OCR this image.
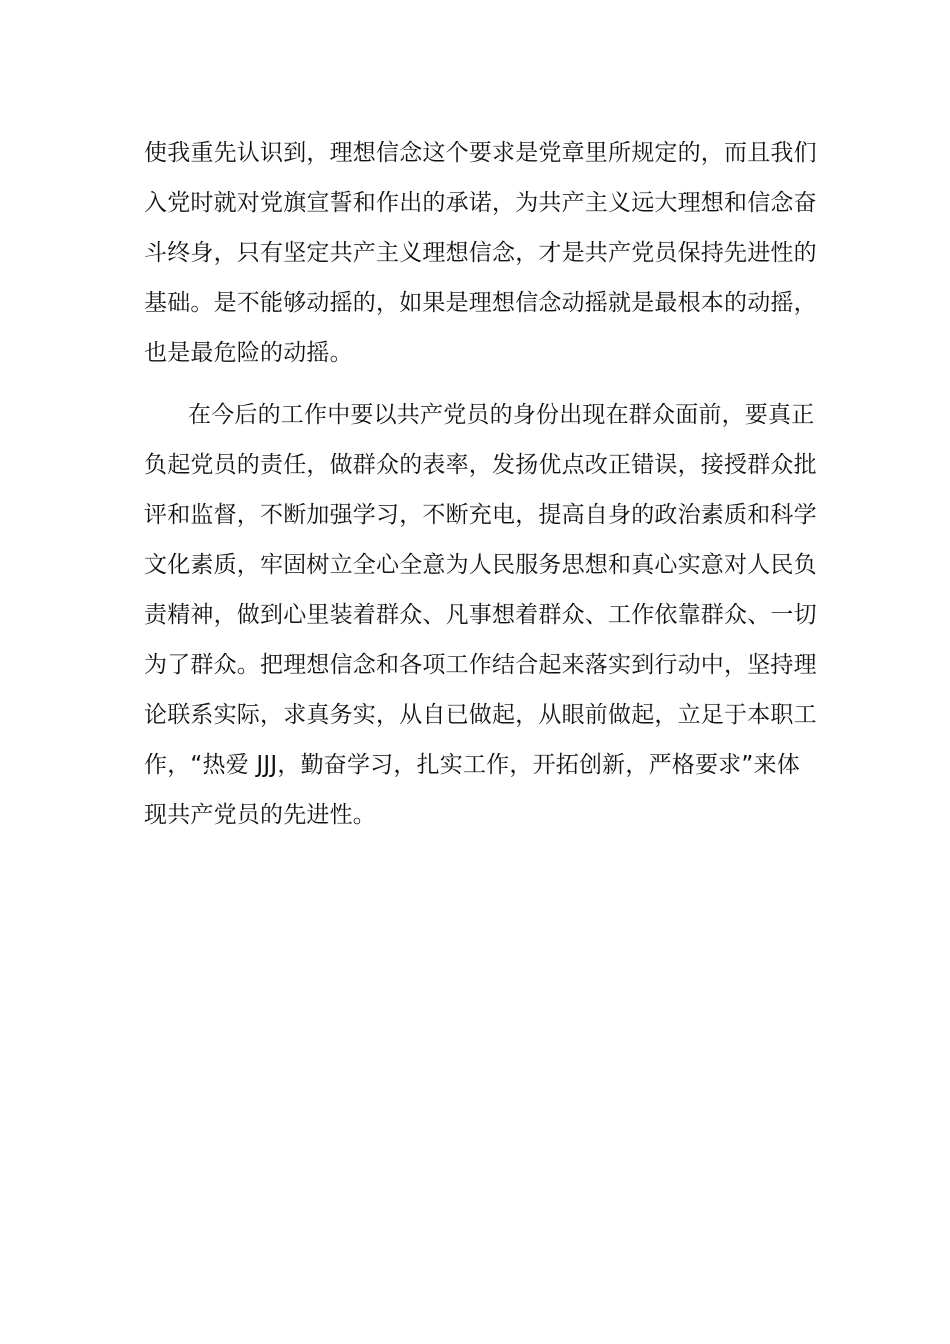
使我重先认识到，理想信念这个要求是党章里所规定的，而且我们
入党时就对党旗宣誓和作出的承诺，为共产主义远大理想和信念奋
斗终身，只有坚定共产主义理想信念，才是共产党员保持先进性的
基础。是不能够动摇的，如果是理想信念动摇就是最根本的动摇，
也是最危险的动摇。
在今后的工作中要以共产党员的身份出现在群众面前，要真正
负起党员的责任，做群众的表率，发扬优点改正错误，接授群众批
评和监督，不断加强学习，不断充电，提高自身的政治素质和科学
文化素质，牢固树立全心全意为人民服务思想和真心实意对人民负
责精神，做到心里装着群众、凡事想着群众、工作依靠群众、一切
为了群众。把理想信念和各项工作结合起来落实到行动中，坚持理
论联系实际，求真务实，从自已做起，从眼前做起，立足于本职工
作，“热爱 JJJ，勤奋学习，扎实工作，开拓创新，严格要求”来体
现共产党员的先进性。
